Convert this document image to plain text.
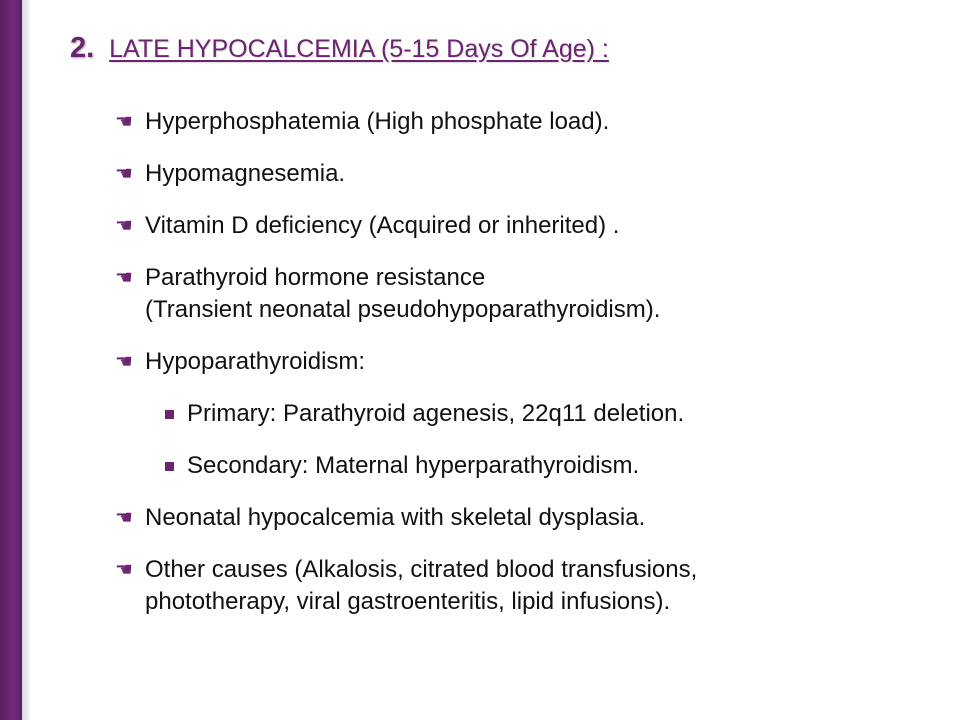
2. LATE HYPOCALCEMIA (5-15 Days Of Age) :
☚ Hyperphosphatemia (High phosphate load).
☚ Hypomagnesemia.
☚ Vitamin D deficiency (Acquired or inherited) .
☚ Parathyroid hormone resistance
(Transient neonatal pseudohypoparathyroidism).
☚ Hypoparathyroidism:
Primary: Parathyroid agenesis, 22q11 deletion.
Secondary: Maternal hyperparathyroidism.
☚ Neonatal hypocalcemia with skeletal dysplasia.
☚ Other causes (Alkalosis, citrated blood transfusions,
phototherapy, viral gastroenteritis, lipid infusions).
